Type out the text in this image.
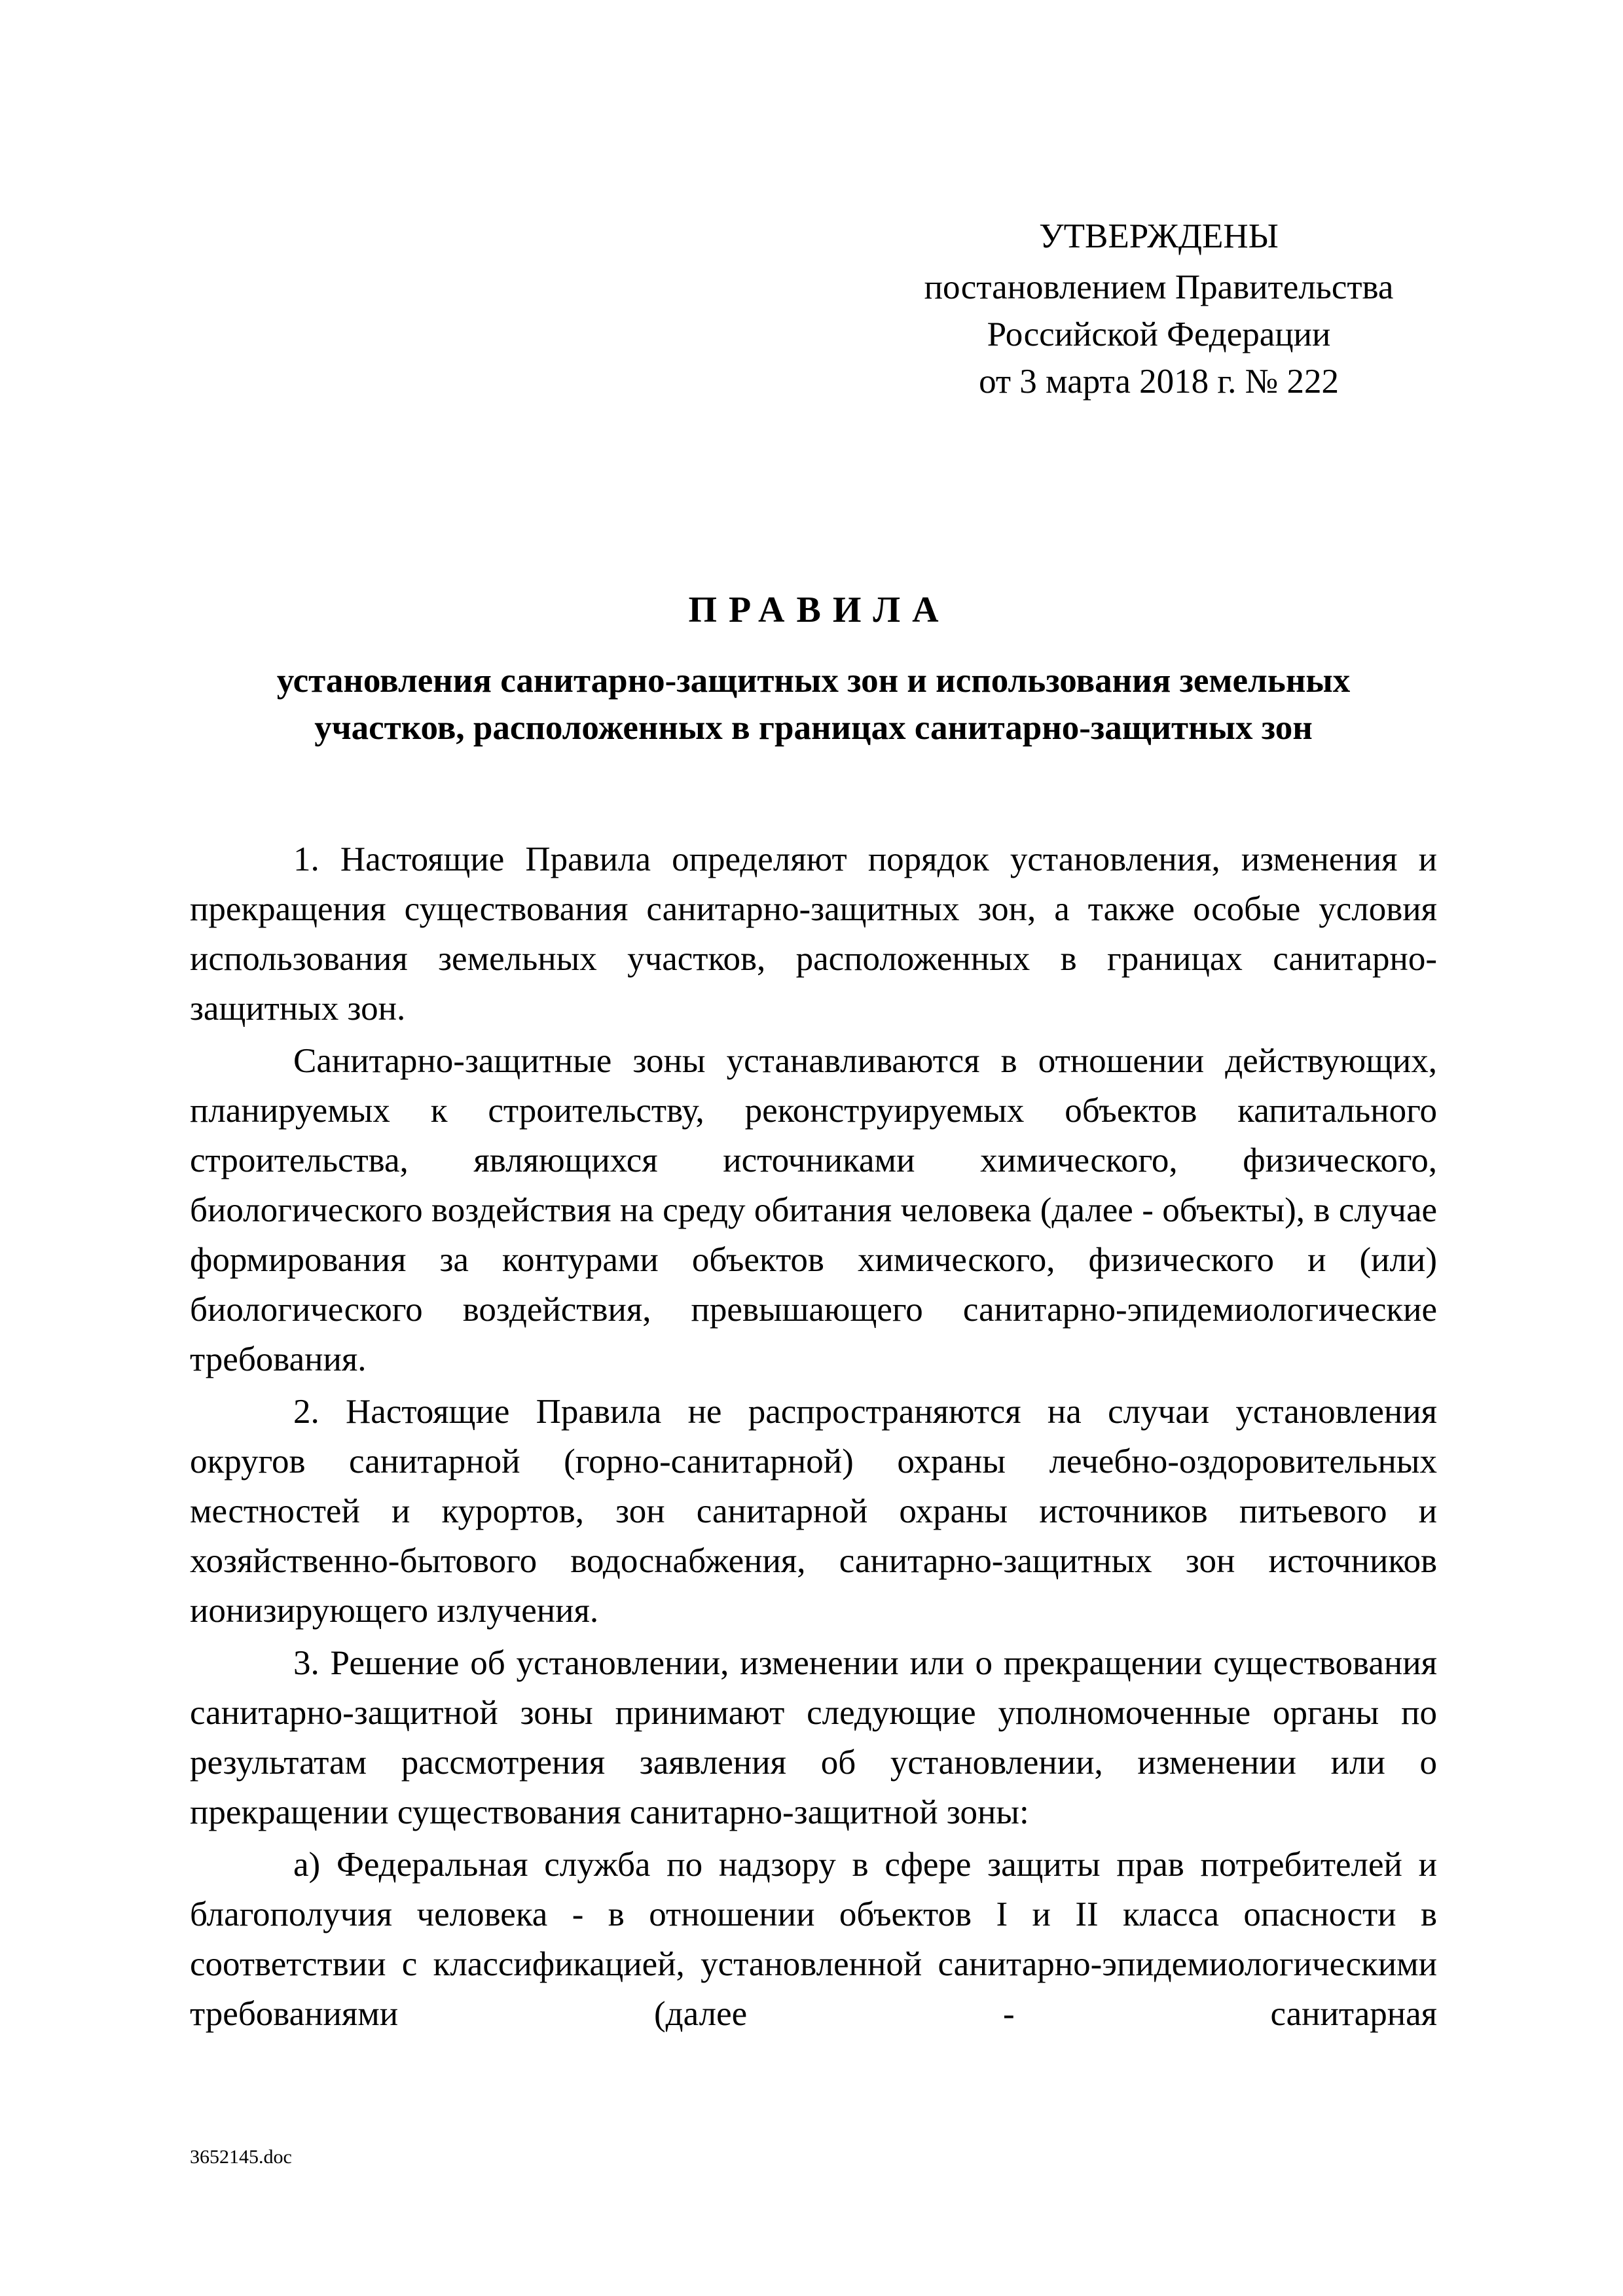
УТВЕРЖДЕНЫ
постановлением Правительства
Российской Федерации
от 3 марта 2018 г. № 222
ПРАВИЛА
установления санитарно-защитных зон и использования земельных
участков, расположенных в границах санитарно-защитных зон

1. Настоящие Правила определяют порядок установления, изменения и прекращения существования санитарно-защитных зон, а также особые условия использования земельных участков, расположенных в границах санитарно-защитных зон.

Санитарно-защитные зоны устанавливаются в отношении действующих, планируемых к строительству, реконструируемых объектов капитального строительства, являющихся источниками химического, физического, биологического воздействия на среду обитания человека (далее - объекты), в случае формирования за контурами объектов химического, физического и (или) биологического воздействия, превышающего санитарно-эпидемиологические требования.

2. Настоящие Правила не распространяются на случаи установления округов санитарной (горно-санитарной) охраны лечебно-оздоровительных местностей и курортов, зон санитарной охраны источников питьевого и хозяйственно-бытового водоснабжения, санитарно-защитных зон источников ионизирующего излучения.

3. Решение об установлении, изменении или о прекращении существования санитарно-защитной зоны принимают следующие уполномоченные органы по результатам рассмотрения заявления об установлении, изменении или о прекращении существования санитарно-защитной зоны:

а) Федеральная служба по надзору в сфере защиты прав потребителей и благополучия человека - в отношении объектов I и II класса опасности в соответствии с классификацией, установленной санитарно-эпидемиологическими требованиями (далее - санитарная

3652145.doc
